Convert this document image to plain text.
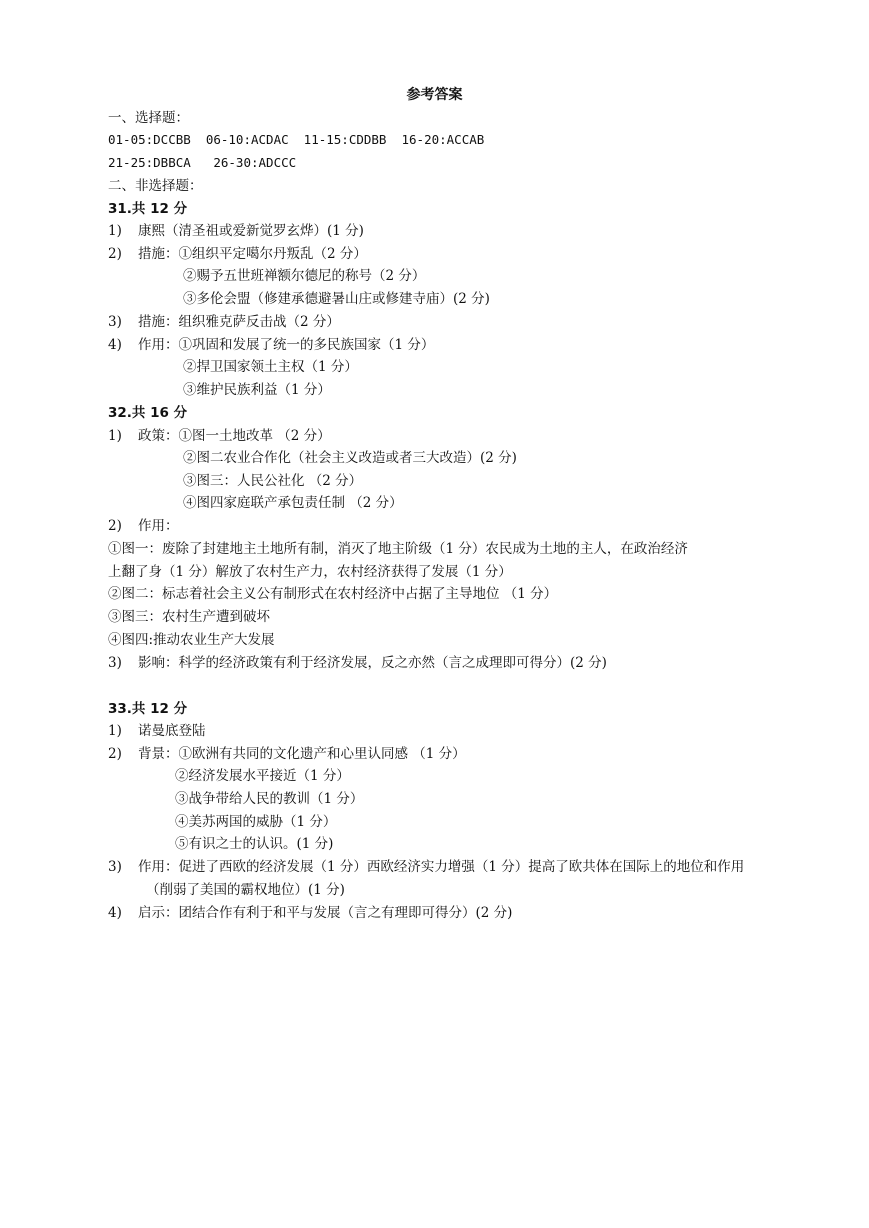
参考答案
一、选择题：
01-05:DCCBB  06-10:ACDAC  11-15:CDDBB  16-20:ACCAB
21-25:DBBCA   26-30:ADCCC
二、非选择题：
31.共 12 分
1) 康熙（清圣祖或爱新觉罗玄烨）(1 分)
2) 措施：①组织平定噶尔丹叛乱（2 分）
②赐予五世班禅额尔德尼的称号（2 分）
③多伦会盟（修建承德避暑山庄或修建寺庙）(2 分)
3) 措施：组织雅克萨反击战（2 分）
4) 作用：①巩固和发展了统一的多民族国家（1 分）
②捍卫国家领土主权（1 分）
③维护民族利益（1 分）
32.共 16 分
1) 政策：①图一土地改革 （2 分）
②图二农业合作化（社会主义改造或者三大改造）(2 分)
③图三：人民公社化 （2 分）
④图四家庭联产承包责任制 （2 分）
2) 作用：
①图一：废除了封建地主土地所有制，消灭了地主阶级（1 分）农民成为土地的主人，在政治经济
上翻了身（1 分）解放了农村生产力，农村经济获得了发展（1 分）
②图二：标志着社会主义公有制形式在农村经济中占据了主导地位 （1 分）
③图三：农村生产遭到破坏
④图四:推动农业生产大发展
3) 影响：科学的经济政策有利于经济发展，反之亦然（言之成理即可得分）(2 分)
33.共 12 分
1) 诺曼底登陆
2) 背景：①欧洲有共同的文化遗产和心里认同感 （1 分）
②经济发展水平接近（1 分）
③战争带给人民的教训（1 分）
④美苏两国的威胁（1 分）
⑤有识之士的认识。(1 分)
3) 作用：促进了西欧的经济发展（1 分）西欧经济实力增强（1 分）提高了欧共体在国际上的地位和作用
（削弱了美国的霸权地位）(1 分)
4) 启示：团结合作有利于和平与发展（言之有理即可得分）(2 分)
